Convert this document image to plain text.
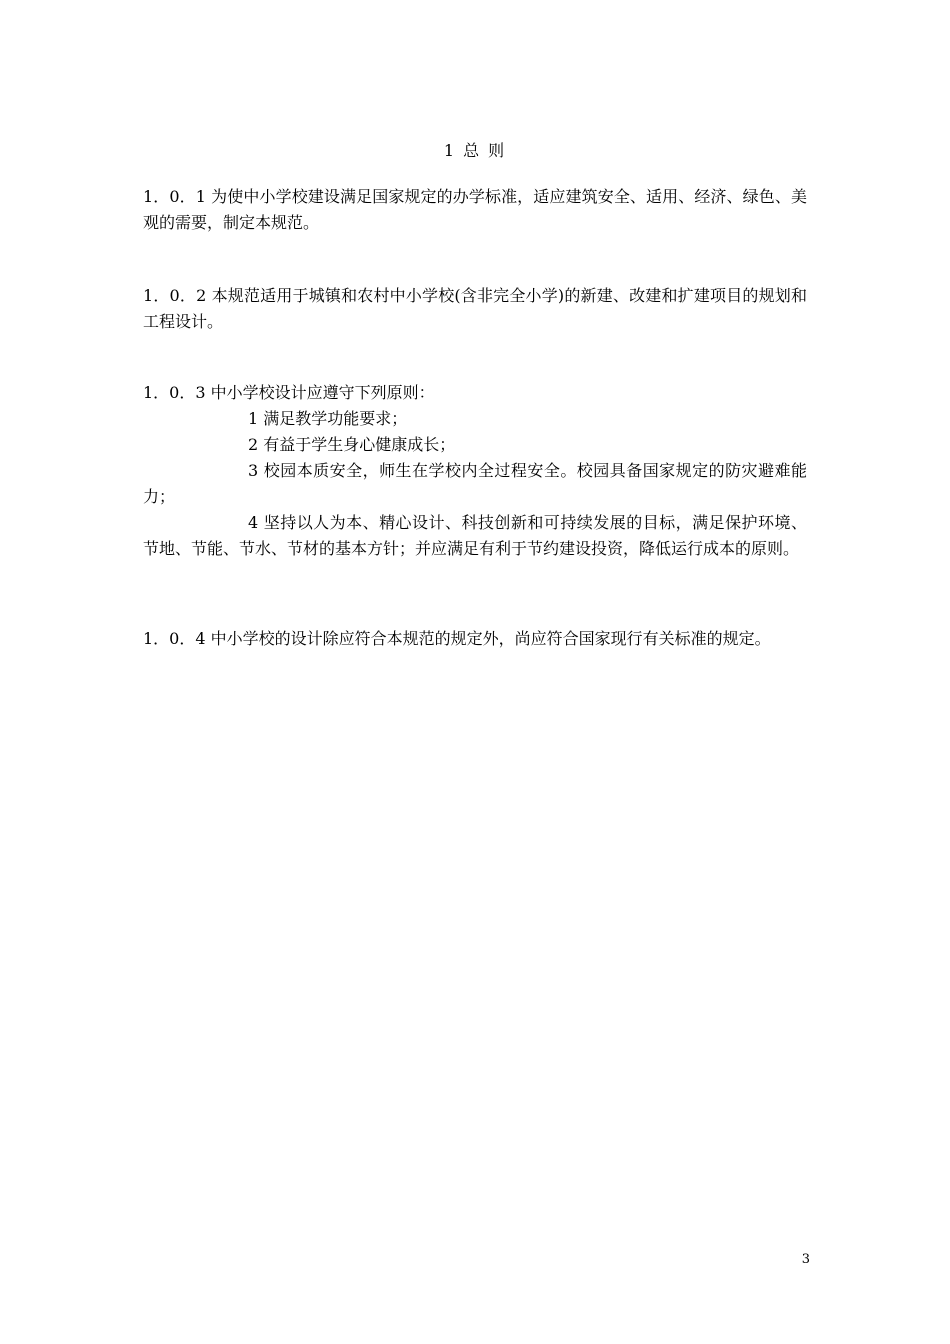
1 总 则

1．0．1 为使中小学校建设满足国家规定的办学标准，适应建筑安全、适用、经济、绿色、美观的需要，制定本规范。

1．0．2 本规范适用于城镇和农村中小学校(含非完全小学)的新建、改建和扩建项目的规划和工程设计。

1．0．3 中小学校设计应遵守下列原则：

1 满足教学功能要求；

2 有益于学生身心健康成长；

3 校园本质安全，师生在学校内全过程安全。校园具备国家规定的防灾避难能力；

4 坚持以人为本、精心设计、科技创新和可持续发展的目标，满足保护环境、节地、节能、节水、节材的基本方针；并应满足有利于节约建设投资，降低运行成本的原则。

1．0．4 中小学校的设计除应符合本规范的规定外，尚应符合国家现行有关标准的规定。

3
